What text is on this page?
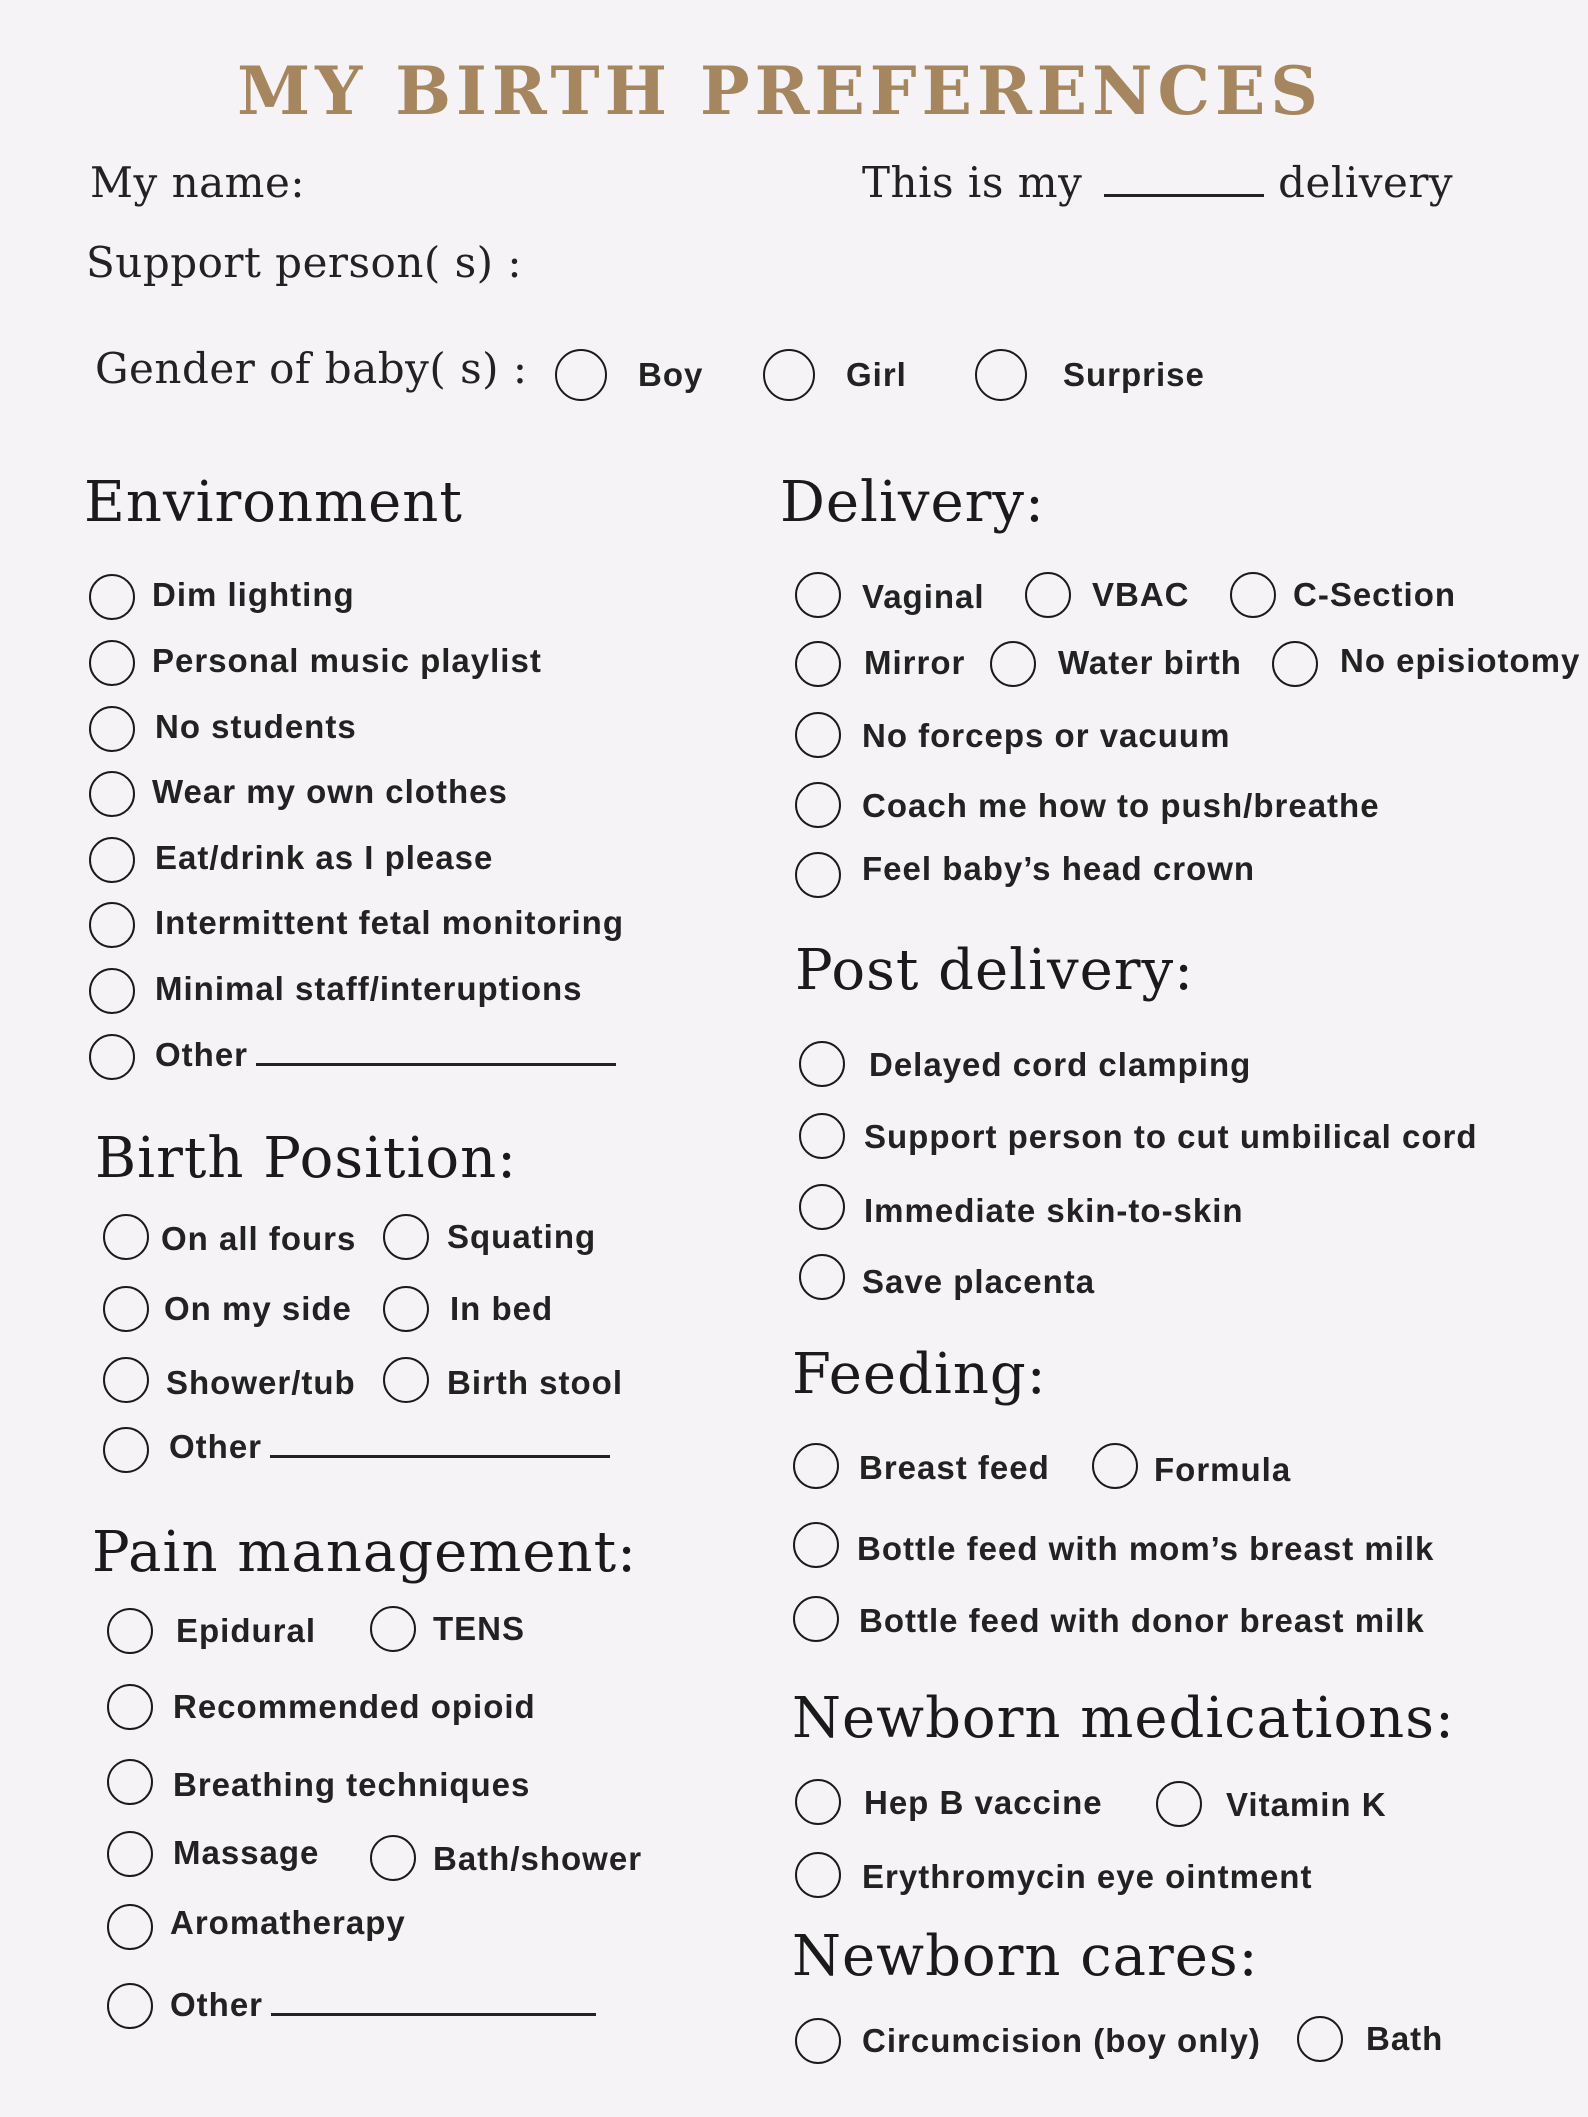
MY BIRTH PREFERENCES
My name:	This is my	delivery
Support person( s) :
Gender of baby( s) :	Boy	Girl	Surprise
Environment
Dim lighting
Personal music playlist
No students
Wear my own clothes
Eat/drink as I please
Intermittent fetal monitoring
Minimal staff/interuptions
Other
Birth Position:
On all fours	Squating
On my side	In bed
Shower/tub	Birth stool
Other
Pain management:
Epidural	TENS
Recommended opioid
Breathing techniques
Massage	Bath/shower
Aromatherapy
Other
Delivery:
Vaginal	VBAC	C-Section
Mirror	Water birth	No episiotomy
No forceps or vacuum
Coach me how to push/breathe
Feel baby’s head crown
Post delivery:
Delayed cord clamping
Support person to cut umbilical cord
Immediate skin-to-skin
Save placenta
Feeding:
Breast feed	Formula
Bottle feed with mom’s breast milk
Bottle feed with donor breast milk
Newborn medications:
Hep B vaccine	Vitamin K
Erythromycin eye ointment
Newborn cares:
Circumcision (boy only)	Bath
